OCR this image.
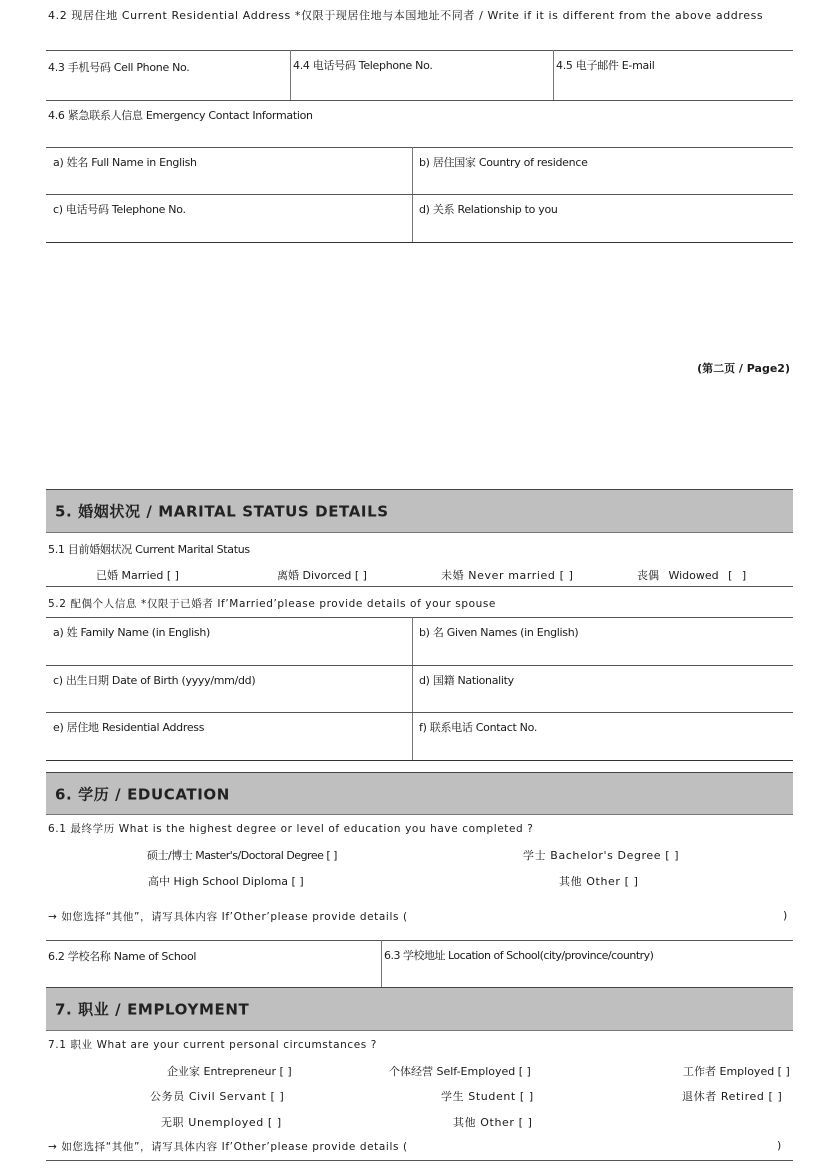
4.2 现居住地 Current Residential Address *仅限于现居住地与本国地址不同者 / Write if it is different from the above address
4.3 手机号码 Cell Phone No.	4.4 电话号码 Telephone No.	4.5 电子邮件 E-mail
4.6 紧急联系人信息 Emergency Contact Information
a) 姓名 Full Name in English	b) 居住国家 Country of residence
c) 电话号码 Telephone No.	d) 关系 Relationship to you
(第二页 / Page2)
5. 婚姻状况 / MARITAL STATUS DETAILS
5.1 目前婚姻状况 Current Marital Status
已婚 Married [ ]	离婚 Divorced [ ]	未婚 Never married [ ]	丧偶 Widowed [ ]
5.2 配偶个人信息 *仅限于已婚者 If’Married’please provide details of your spouse
a) 姓 Family Name (in English)	b) 名 Given Names (in English)
c) 出生日期 Date of Birth (yyyy/mm/dd)	d) 国籍 Nationality
e) 居住地 Residential Address	f) 联系电话 Contact No.
6. 学历 / EDUCATION
6.1 最终学历 What is the highest degree or level of education you have completed ?
硕士/博士 Master's/Doctoral Degree [ ]	学士 Bachelor's Degree [ ]
高中 High School Diploma [ ]	其他 Other [ ]
→ 如您选择“其他”，请写具体内容 If’Other’please provide details (	)
6.2 学校名称 Name of School	6.3 学校地址 Location of School(city/province/country)
7. 职业 / EMPLOYMENT
7.1 职业 What are your current personal circumstances ?
企业家 Entrepreneur [ ]	个体经营 Self-Employed [ ]	工作者 Employed [ ]
公务员 Civil Servant [ ]	学生 Student [ ]	退休者 Retired [ ]
无职 Unemployed [ ]	其他 Other [ ]
→ 如您选择“其他”，请写具体内容 If’Other’please provide details (	)
